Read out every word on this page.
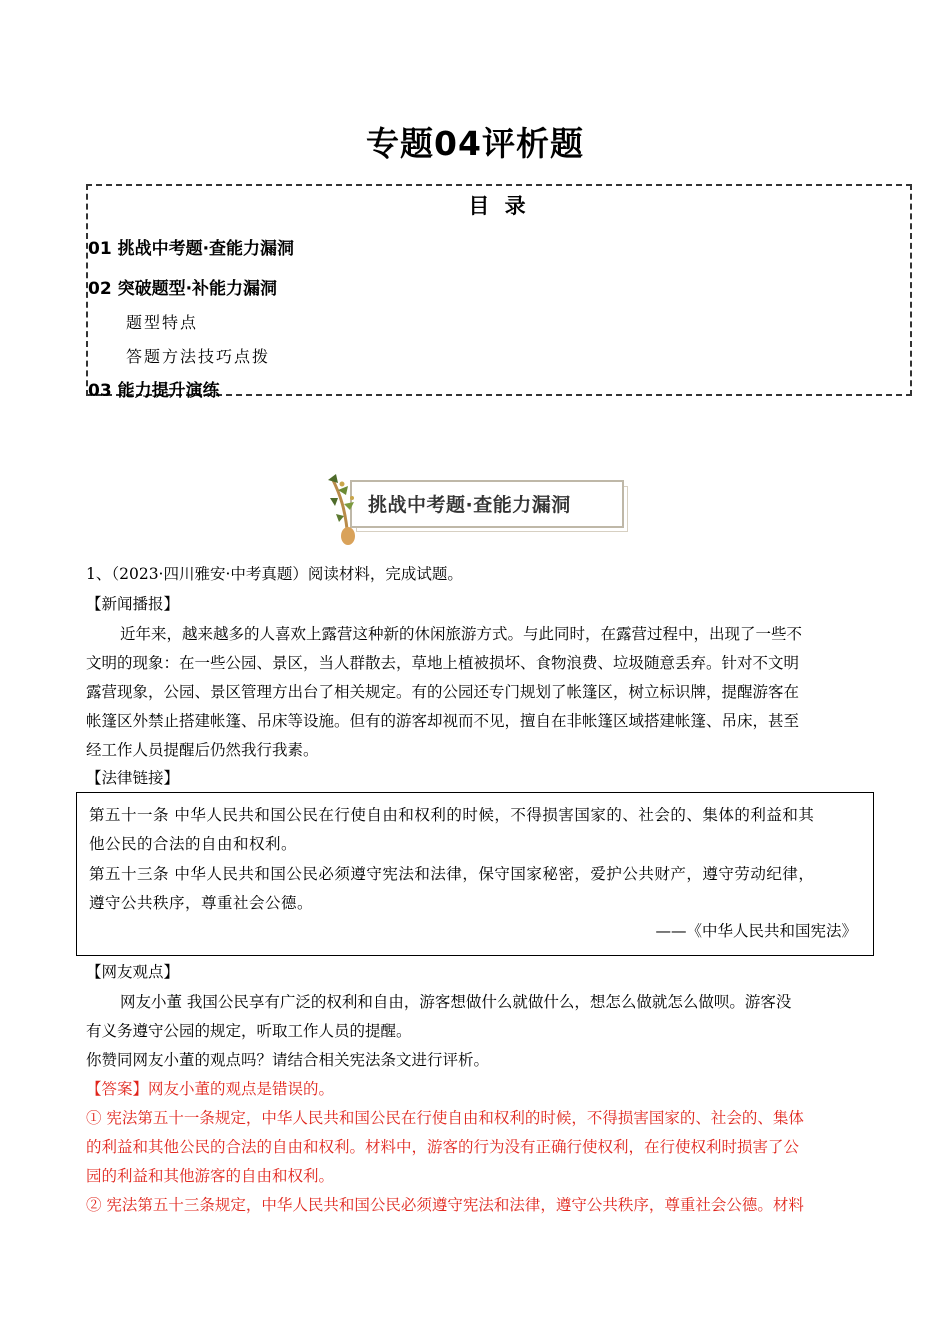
专题04评析题
目 录
01 挑战中考题·查能力漏洞
02 突破题型·补能力漏洞
题型特点
答题方法技巧点拨
03 能力提升演练
挑战中考题·查能力漏洞
1、（2023·四川雅安·中考真题）阅读材料，完成试题。
【新闻播报】
近年来，越来越多的人喜欢上露营这种新的休闲旅游方式。与此同时，在露营过程中，出现了一些不
文明的现象：在一些公园、景区，当人群散去，草地上植被损坏、食物浪费、垃圾随意丢弃。针对不文明
露营现象，公园、景区管理方出台了相关规定。有的公园还专门规划了帐篷区，树立标识牌，提醒游客在
帐篷区外禁止搭建帐篷、吊床等设施。但有的游客却视而不见，擅自在非帐篷区域搭建帐篷、吊床，甚至
经工作人员提醒后仍然我行我素。
【法律链接】
第五十一条 中华人民共和国公民在行使自由和权利的时候，不得损害国家的、社会的、集体的利益和其
他公民的合法的自由和权利。
第五十三条 中华人民共和国公民必须遵守宪法和法律，保守国家秘密，爱护公共财产，遵守劳动纪律，
遵守公共秩序，尊重社会公德。
——《中华人民共和国宪法》
【网友观点】
网友小董 我国公民享有广泛的权利和自由，游客想做什么就做什么，想怎么做就怎么做呗。游客没
有义务遵守公园的规定，听取工作人员的提醒。
你赞同网友小董的观点吗？请结合相关宪法条文进行评析。
【答案】网友小董的观点是错误的。
① 宪法第五十一条规定，中华人民共和国公民在行使自由和权利的时候，不得损害国家的、社会的、集体
的利益和其他公民的合法的自由和权利。材料中，游客的行为没有正确行使权利，在行使权利时损害了公
园的利益和其他游客的自由和权利。
② 宪法第五十三条规定，中华人民共和国公民必须遵守宪法和法律，遵守公共秩序，尊重社会公德。材料
